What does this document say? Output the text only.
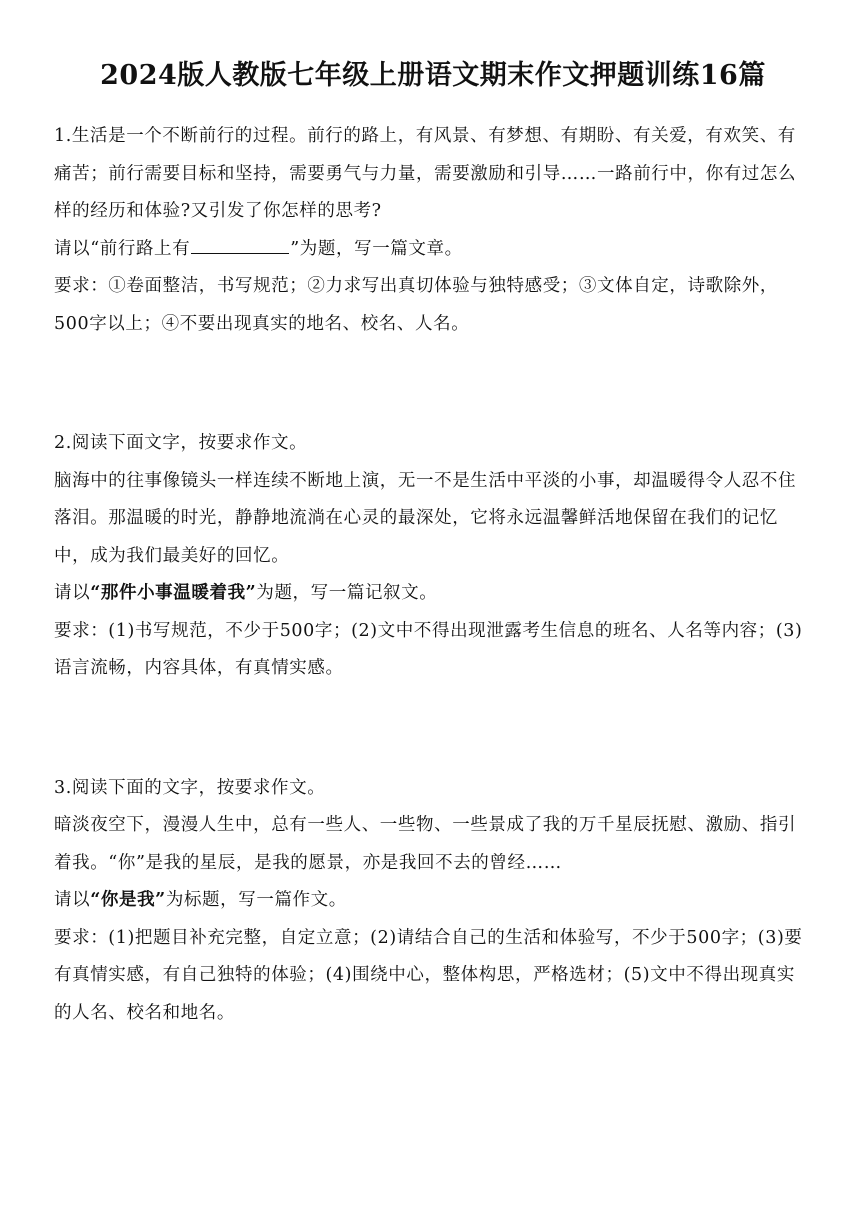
2024版人教版七年级上册语文期末作文押题训练16篇

1.生活是一个不断前行的过程。前行的路上，有风景、有梦想、有期盼、有关爱，有欢笑、有痛苦；前行需要目标和坚持，需要勇气与力量，需要激励和引导……一路前行中，你有过怎么样的经历和体验?又引发了你怎样的思考?

请以“前行路上有	”为题，写一篇文章。

要求：①卷面整洁，书写规范；②力求写出真切体验与独特感受；③文体自定，诗歌除外，500字以上；④不要出现真实的地名、校名、人名。

2.阅读下面文字，按要求作文。

脑海中的往事像镜头一样连续不断地上演，无一不是生活中平淡的小事，却温暖得令人忍不住落泪。那温暖的时光，静静地流淌在心灵的最深处，它将永远温馨鲜活地保留在我们的记忆中，成为我们最美好的回忆。

请以“那件小事温暖着我”为题，写一篇记叙文。

要求：(1)书写规范，不少于500字；(2)文中不得出现泄露考生信息的班名、人名等内容；(3)语言流畅，内容具体，有真情实感。

3.阅读下面的文字，按要求作文。

暗淡夜空下，漫漫人生中，总有一些人、一些物、一些景成了我的万千星辰抚慰、激励、指引着我。“你”是我的星辰，是我的愿景，亦是我回不去的曾经……

请以“你是我”为标题，写一篇作文。

要求：(1)把题目补充完整，自定立意；(2)请结合自己的生活和体验写，不少于500字；(3)要有真情实感，有自己独特的体验；(4)围绕中心，整体构思，严格选材；(5)文中不得出现真实的人名、校名和地名。
